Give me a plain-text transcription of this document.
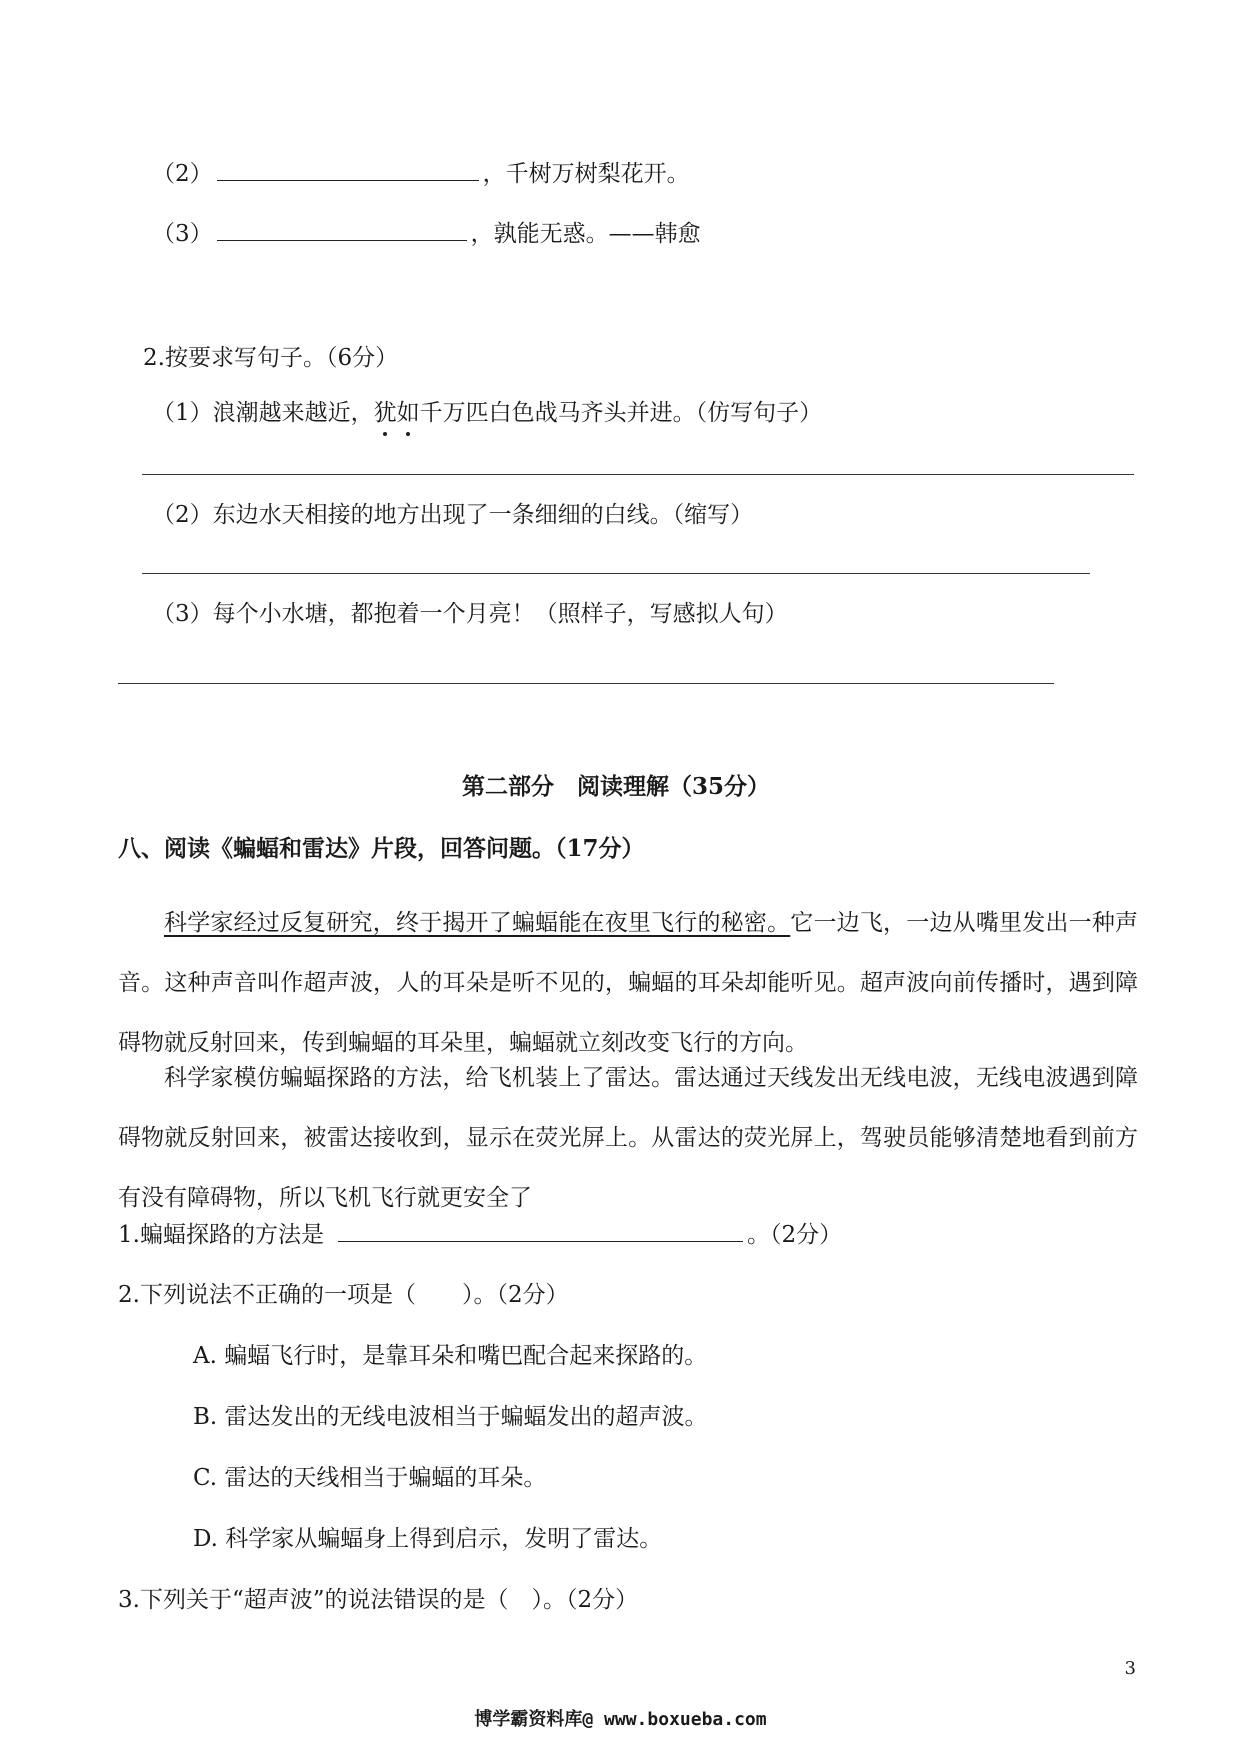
（2）	，千树万树梨花开。
（3）	，孰能无惑。——韩愈
2.按要求写句子。（6分）
（1）浪潮越来越近，犹如千万匹白色战马齐头并进。（仿写句子）
（2）东边水天相接的地方出现了一条细细的白线。（缩写）
（3）每个小水塘，都抱着一个月亮！（照样子，写感拟人句）
第二部分　阅读理解（35分）
八、阅读《蝙蝠和雷达》片段，回答问题。（17分）
科学家经过反复研究，终于揭开了蝙蝠能在夜里飞行的秘密。它一边飞，一边从嘴里发出一种声音。这种声音叫作超声波，人的耳朵是听不见的，蝙蝠的耳朵却能听见。超声波向前传播时，遇到障碍物就反射回来，传到蝙蝠的耳朵里，蝙蝠就立刻改变飞行的方向。
科学家模仿蝙蝠探路的方法，给飞机装上了雷达。雷达通过天线发出无线电波，无线电波遇到障碍物就反射回来，被雷达接收到，显示在荧光屏上。从雷达的荧光屏上，驾驶员能够清楚地看到前方有没有障碍物，所以飞机飞行就更安全了
1.蝙蝠探路的方法是	。（2分）
2.下列说法不正确的一项是（　　）。（2分）
A. 蝙蝠飞行时，是靠耳朵和嘴巴配合起来探路的。
B. 雷达发出的无线电波相当于蝙蝠发出的超声波。
C. 雷达的天线相当于蝙蝠的耳朵。
D. 科学家从蝙蝠身上得到启示，发明了雷达。
3.下列关于“超声波”的说法错误的是（　）。（2分）
3
博学霸资料库@ www.boxueba.com
